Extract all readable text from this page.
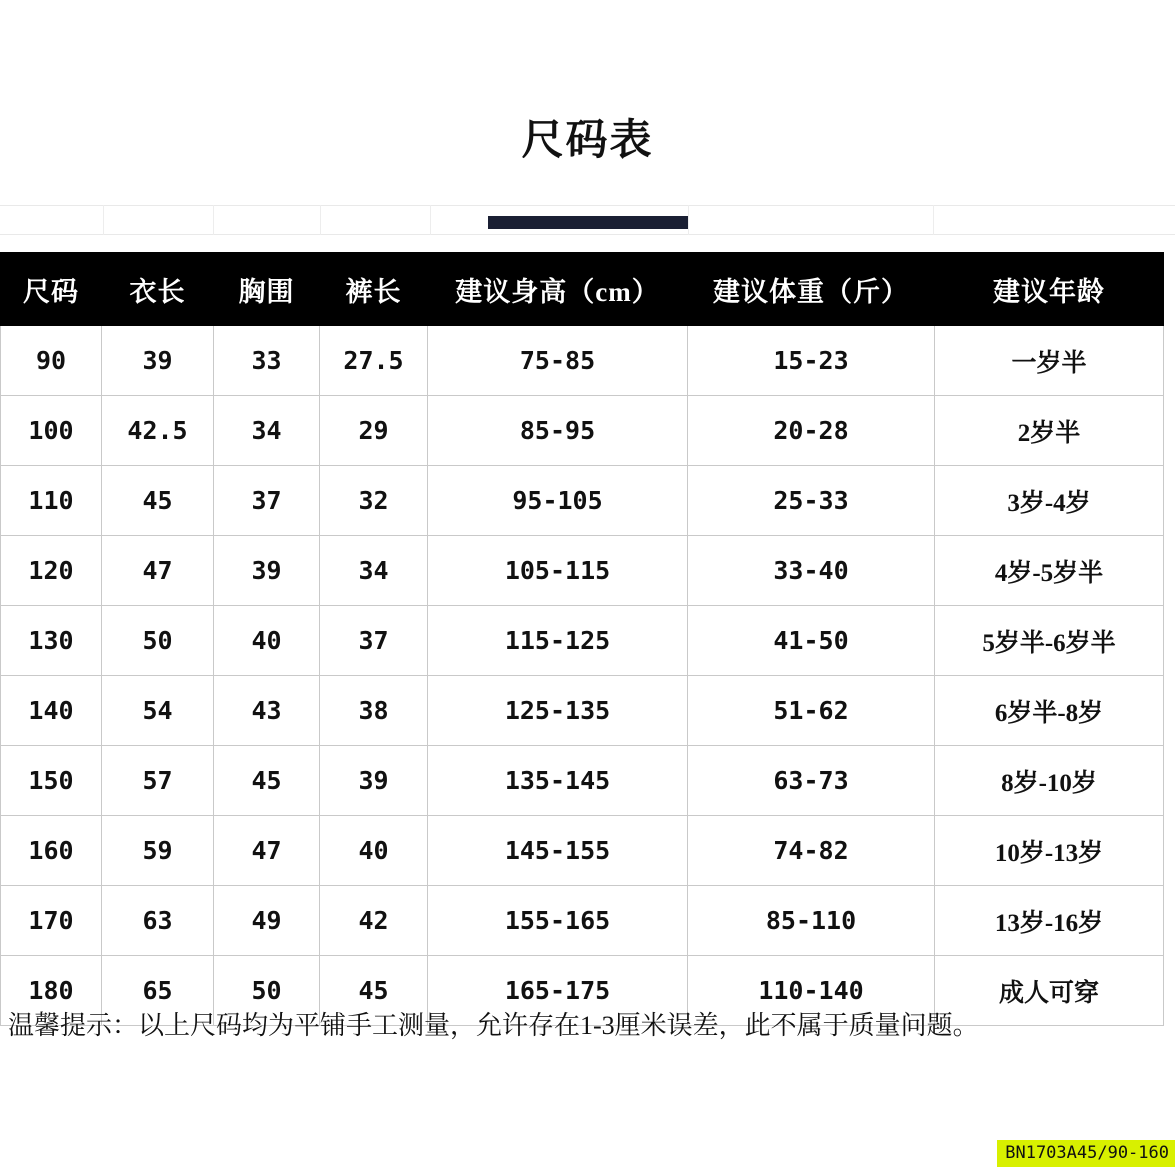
尺码表
尺码	衣长	胸围	裤长	建议身高（cm）	建议体重（斤）	建议年龄
90	39	33	27.5	75-85	15-23	一岁半
100	42.5	34	29	85-95	20-28	2岁半
110	45	37	32	95-105	25-33	3岁-4岁
120	47	39	34	105-115	33-40	4岁-5岁半
130	50	40	37	115-125	41-50	5岁半-6岁半
140	54	43	38	125-135	51-62	6岁半-8岁
150	57	45	39	135-145	63-73	8岁-10岁
160	59	47	40	145-155	74-82	10岁-13岁
170	63	49	42	155-165	85-110	13岁-16岁
180	65	50	45	165-175	110-140	成人可穿
温馨提示：以上尺码均为平铺手工测量，允许存在1-3厘米误差，此不属于质量问题。
BN1703A45/90-160
